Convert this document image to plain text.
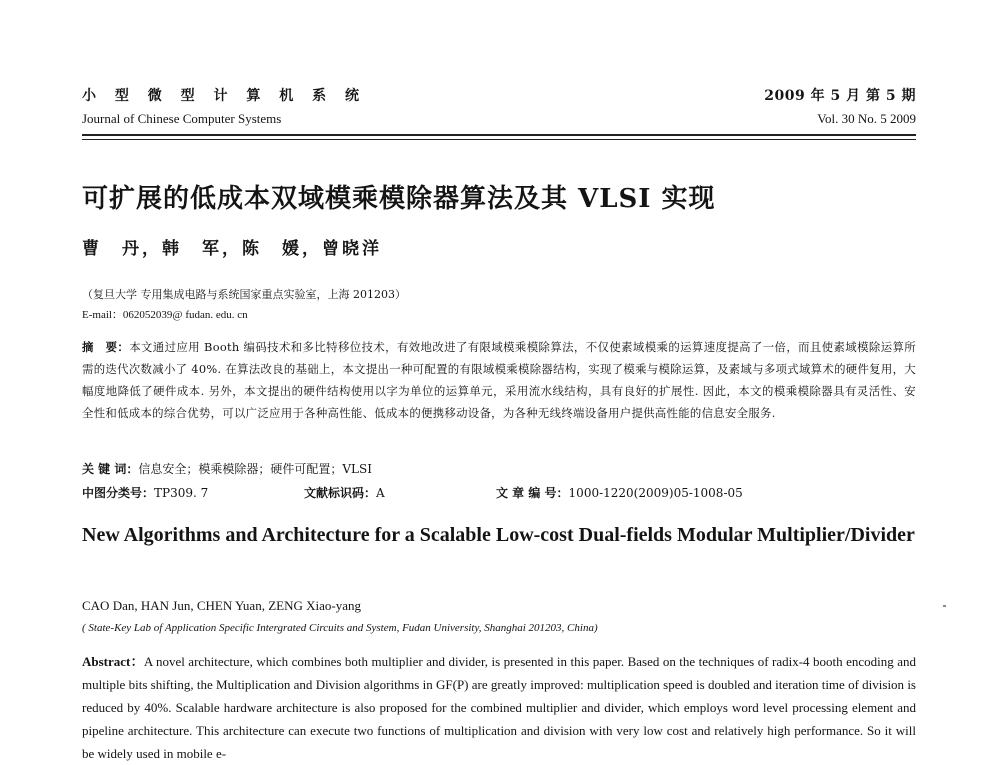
小 型 微 型 计 算 机 系 统
Journal of Chinese Computer Systems
2009 年 5 月 第 5 期
Vol. 30 No. 5 2009
可扩展的低成本双域模乘模除器算法及其 VLSI 实现
曹　丹，韩　军，陈　媛，曾晓洋
（复旦大学 专用集成电路与系统国家重点实验室，上海 201203）
E-mail：062052039@ fudan. edu. cn
摘　要：本文通过应用 Booth 编码技术和多比特移位技术，有效地改进了有限域模乘模除算法，不仅使素域模乘的运算速度提高了一倍，而且使素域模除运算所需的迭代次数减小了 40%. 在算法改良的基础上，本文提出一种可配置的有限域模乘模除器结构，实现了模乘与模除运算，及素域与多项式域算术的硬件复用，大幅度地降低了硬件成本. 另外，本文提出的硬件结构使用以字为单位的运算单元，采用流水线结构，具有良好的扩展性. 因此，本文的模乘模除器具有灵活性、安全性和低成本的综合优势，可以广泛应用于各种高性能、低成本的便携移动设备，为各种无线终端设备用户提供高性能的信息安全服务.
关 键 词：信息安全；模乘模除器；硬件可配置；VLSI
中图分类号：TP309. 7	文献标识码：A	文 章 编 号：1000-1220(2009)05-1008-05
New Algorithms and Architecture for a Scalable Low-cost Dual-fields Modular Multiplier/Divider
CAO Dan, HAN Jun, CHEN Yuan, ZENG Xiao-yang
( State-Key Lab of Application Specific Intergrated Circuits and System, Fudan University, Shanghai 201203, China)
Abstract：A novel architecture, which combines both multiplier and divider, is presented in this paper. Based on the techniques of radix-4 booth encoding and multiple bits shifting, the Multiplication and Division algorithms in GF(P) are greatly improved: multiplication speed is doubled and iteration time of division is reduced by 40%. Scalable hardware architecture is also proposed for the combined multiplier and divider, which employs word level processing element and pipeline architecture. This architecture can execute two functions of multiplication and division with very low cost and relatively high performance. So it will be widely used in mobile e-
